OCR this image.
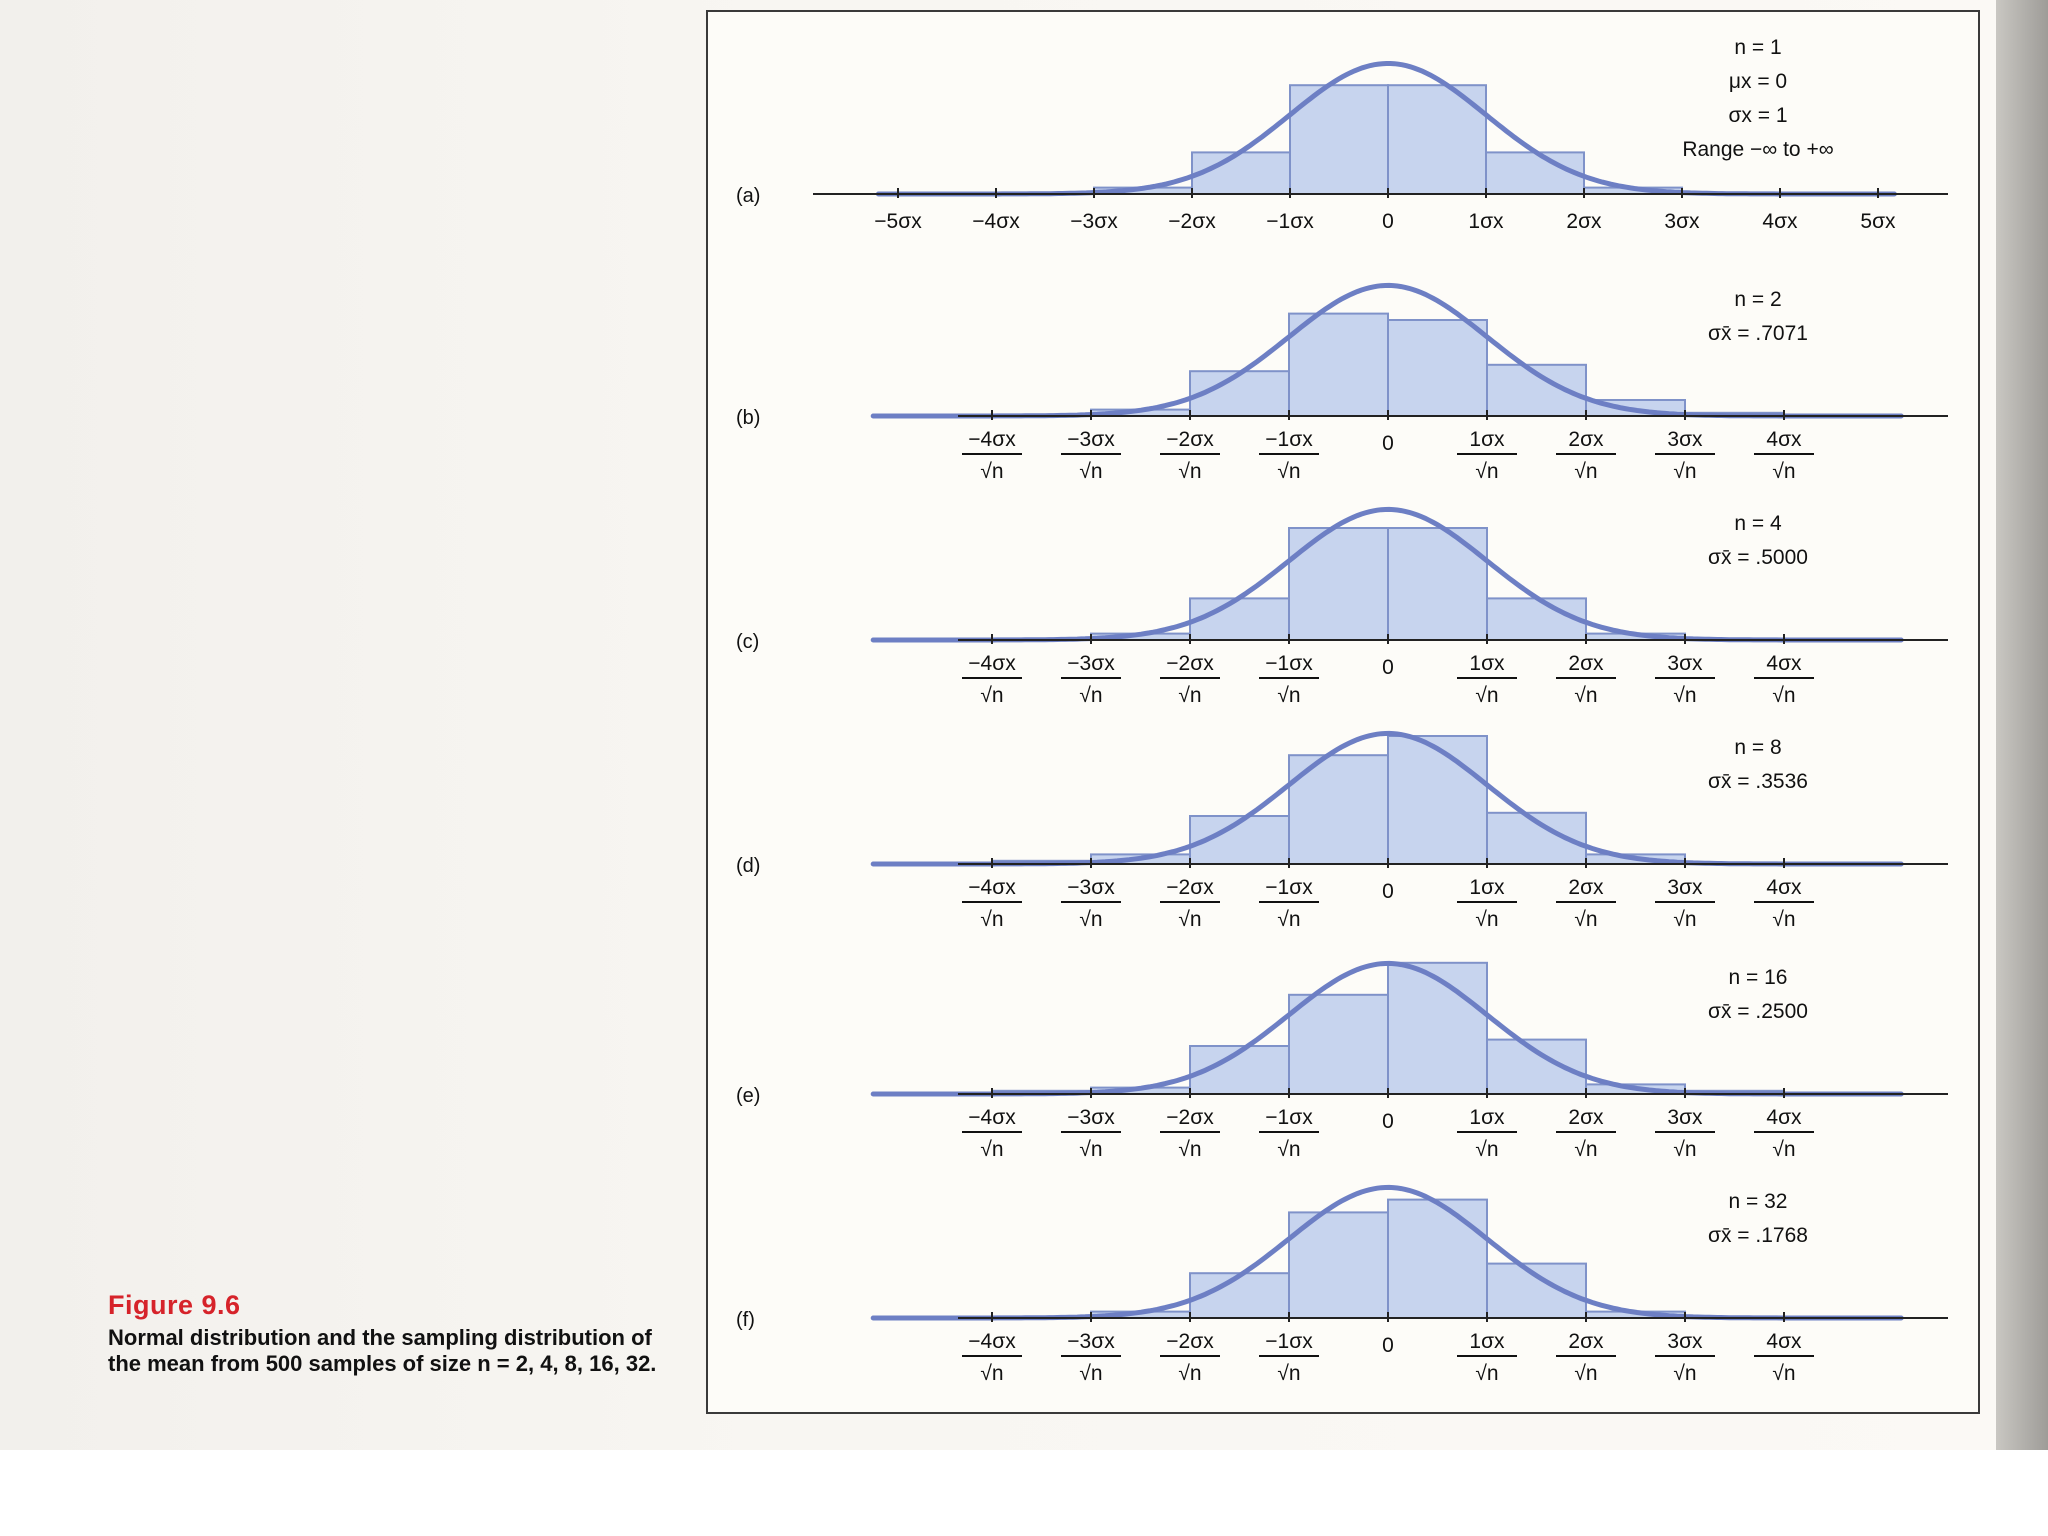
(a)
−5σx −4σx −3σx −2σx −1σx	0	1σx	2σx	3σx	4σx	5σx
n = 1
μx = 0
σx = 1
Range −∞ to +∞
(b)
−4σx
√n
−3σx
√n
−2σx
√n
−1σx
√n
0	1σx
√n
2σx
√n
3σx
√n
4σx
√n
n = 2
σx̄ = .7071
(c)
−4σx
√n
−3σx
√n
−2σx
√n
−1σx
√n
0	1σx
√n
2σx
√n
3σx
√n
4σx
√n
n = 4
σx̄ = .5000
(d)
−4σx
√n
−3σx
√n
−2σx
√n
−1σx
√n
0	1σx
√n
2σx
√n
3σx
√n
4σx
√n
n = 8
σx̄ = .3536
(e)
−4σx
√n
−3σx
√n
−2σx
√n
−1σx
√n
0	1σx
√n
2σx
√n
3σx
√n
4σx
√n
n = 16
σx̄ = .2500
(f)
−4σx
√n
−3σx
√n
−2σx
√n
−1σx
√n
0	1σx
√n
2σx
√n
3σx
√n
4σx
√n
n = 32
σx̄ = .1768
Figure 9.6
Normal distribution and the sampling distribution of the mean from 500 samples of size n = 2, 4, 8, 16, 32.
